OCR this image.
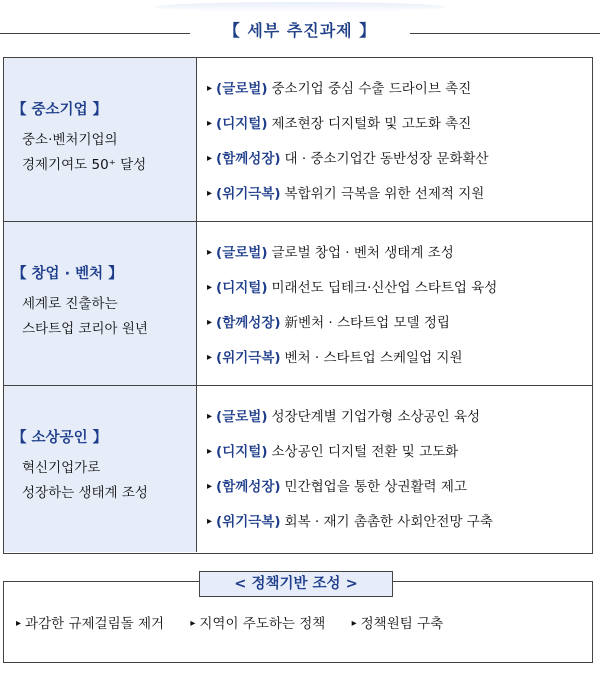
【 세부 추진과제 】
【 중소기업 】
중소·벤처기업의
경제기여도 50⁺ 달성
▸ (글로벌) 중소기업 중심 수출 드라이브 촉진
▸ (디지털) 제조현장 디지털화 및 고도화 촉진
▸ (함께성장) 대 · 중소기업간 동반성장 문화확산
▸ (위기극복) 복합위기 극복을 위한 선제적 지원
【 창업 · 벤처 】
세계로 진출하는
스타트업 코리아 원년
▸ (글로벌) 글로벌 창업 · 벤처 생태계 조성
▸ (디지털) 미래선도 딥테크·신산업 스타트업 육성
▸ (함께성장) 新벤처 · 스타트업 모델 정립
▸ (위기극복) 벤처 · 스타트업 스케일업 지원
【 소상공인 】
혁신기업가로
성장하는 생태계 조성
▸ (글로벌) 성장단계별 기업가형 소상공인 육성
▸ (디지털) 소상공인 디지털 전환 및 고도화
▸ (함께성장) 민간협업을 통한 상권활력 제고
▸ (위기극복) 회복 · 재기 촘촘한 사회안전망 구축
< 정책기반 조성 >
▸ 과감한 규제걸림돌 제거	▸ 지역이 주도하는 정책	▸ 정책원팀 구축
